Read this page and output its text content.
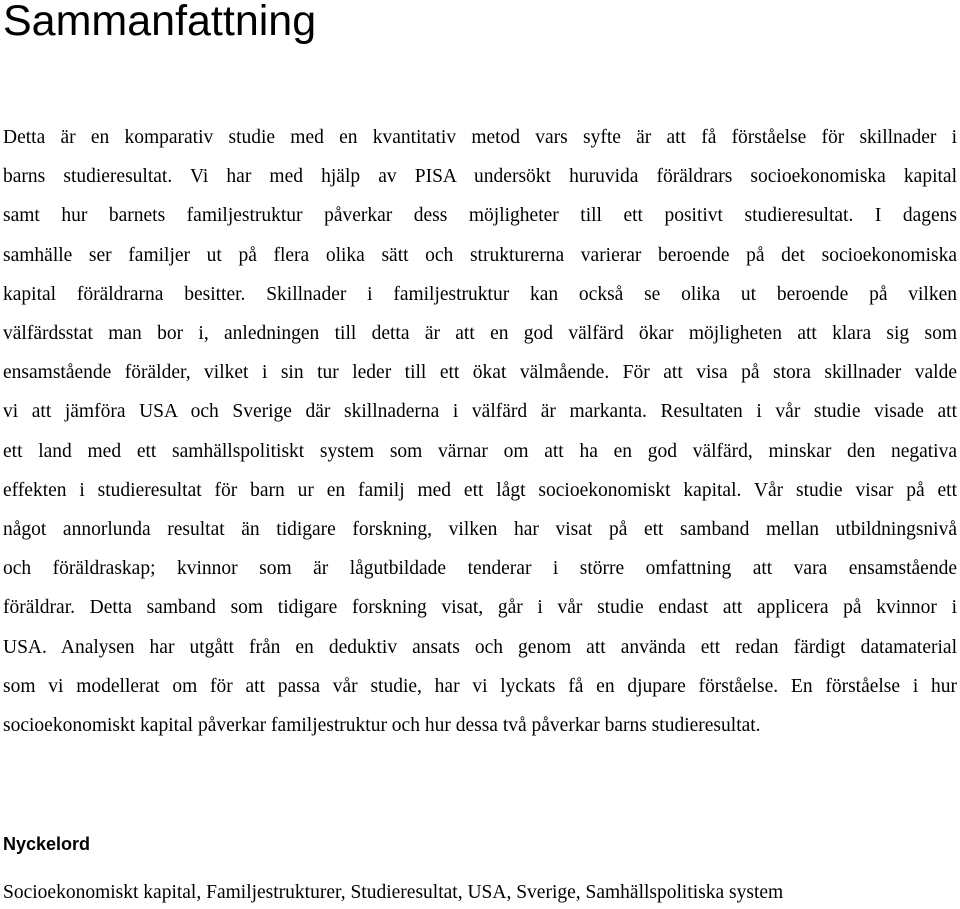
Sammanfattning
Detta är en komparativ studie med en kvantitativ metod vars syfte är att få förståelse för skillnader i
barns studieresultat. Vi har med hjälp av PISA undersökt huruvida föräldrars socioekonomiska kapital
samt hur barnets familjestruktur påverkar dess möjligheter till ett positivt studieresultat. I dagens
samhälle ser familjer ut på flera olika sätt och strukturerna varierar beroende på det socioekonomiska
kapital föräldrarna besitter. Skillnader i familjestruktur kan också se olika ut beroende på vilken
välfärdsstat man bor i, anledningen till detta är att en god välfärd ökar möjligheten att klara sig som
ensamstående förälder, vilket i sin tur leder till ett ökat välmående. För att visa på stora skillnader valde
vi att jämföra USA och Sverige där skillnaderna i välfärd är markanta. Resultaten i vår studie visade att
ett land med ett samhällspolitiskt system som värnar om att ha en god välfärd, minskar den negativa
effekten i studieresultat för barn ur en familj med ett lågt socioekonomiskt kapital. Vår studie visar på ett
något annorlunda resultat än tidigare forskning, vilken har visat på ett samband mellan utbildningsnivå
och föräldraskap; kvinnor som är lågutbildade tenderar i större omfattning att vara ensamstående
föräldrar. Detta samband som tidigare forskning visat, går i vår studie endast att applicera på kvinnor i
USA. Analysen har utgått från en deduktiv ansats och genom att använda ett redan färdigt datamaterial
som vi modellerat om för att passa vår studie, har vi lyckats få en djupare förståelse. En förståelse i hur
socioekonomiskt kapital påverkar familjestruktur och hur dessa två påverkar barns studieresultat.
Nyckelord

Socioekonomiskt kapital, Familjestrukturer, Studieresultat, USA, Sverige, Samhällspolitiska system
